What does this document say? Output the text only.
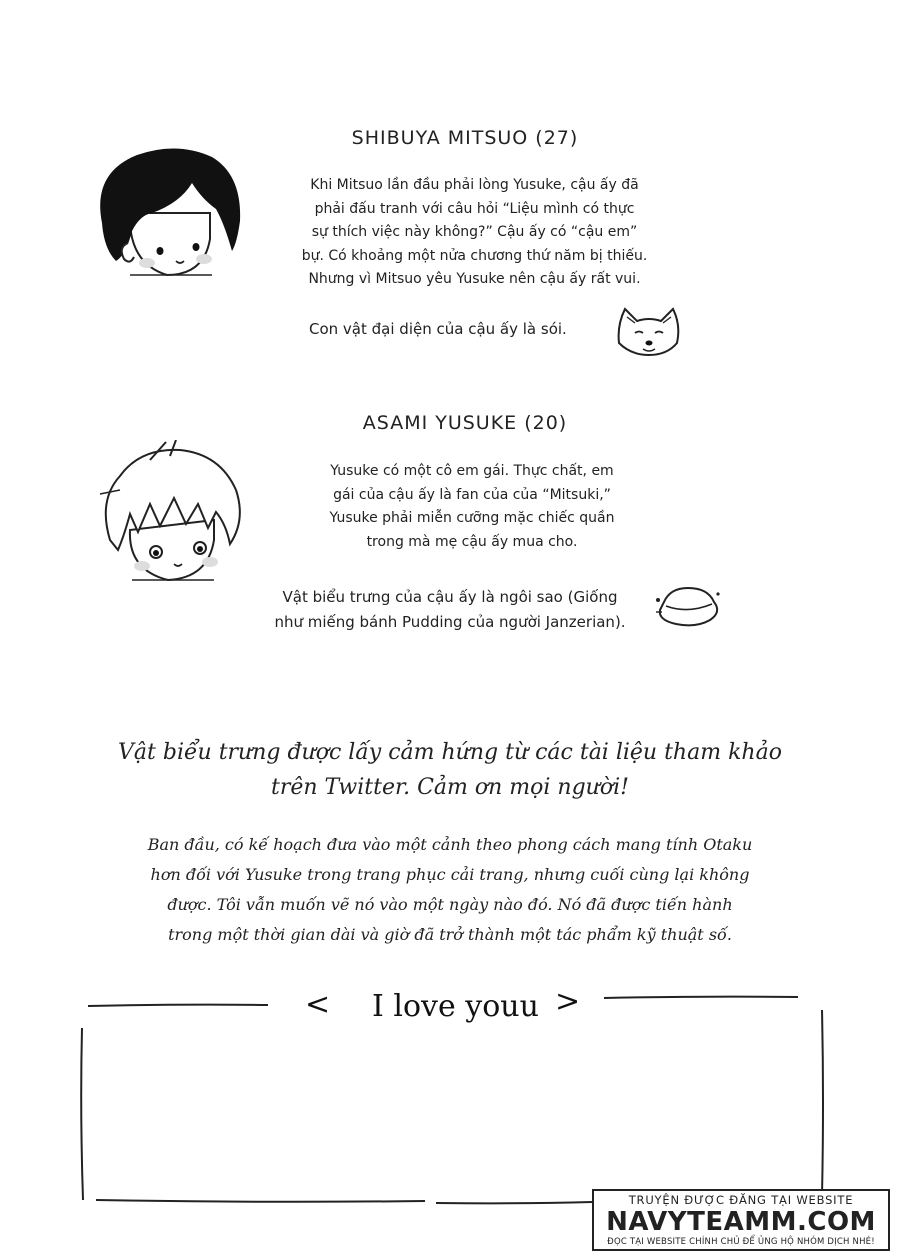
SHIBUYA MITSUO (27)
Khi Mitsuo lần đầu phải lòng Yusuke, cậu ấy đã
phải đấu tranh với câu hỏi “Liệu mình có thực
sự thích việc này không?” Cậu ấy có “cậu em”
bự. Có khoảng một nửa chương thứ năm bị thiếu.
Nhưng vì Mitsuo yêu Yusuke nên cậu ấy rất vui.
Con vật đại diện của cậu ấy là sói.
ASAMI YUSUKE (20)
Yusuke có một cô em gái. Thực chất, em
gái của cậu ấy là fan của của “Mitsuki,”
Yusuke phải miễn cưỡng mặc chiếc quần
trong mà mẹ cậu ấy mua cho.
Vật biểu trưng của cậu ấy là ngôi sao (Giống
như miếng bánh Pudding của người Janzerian).
Vật biểu trưng được lấy cảm hứng từ các tài liệu tham khảo
trên Twitter. Cảm ơn mọi người!
Ban đầu, có kế hoạch đưa vào một cảnh theo phong cách mang tính Otaku
hơn đối với Yusuke trong trang phục cải trang, nhưng cuối cùng lại không
được. Tôi vẫn muốn vẽ nó vào một ngày nào đó. Nó đã được tiến hành
trong một thời gian dài và giờ đã trở thành một tác phẩm kỹ thuật số.
< I love youu >
TRUYỆN ĐƯỢC ĐĂNG TẠI WEBSITE
NAVYTEAMM.COM
ĐỌC TẠI WEBSITE CHÍNH CHỦ ĐỂ ỦNG HỘ NHÓM DỊCH NHÉ!
